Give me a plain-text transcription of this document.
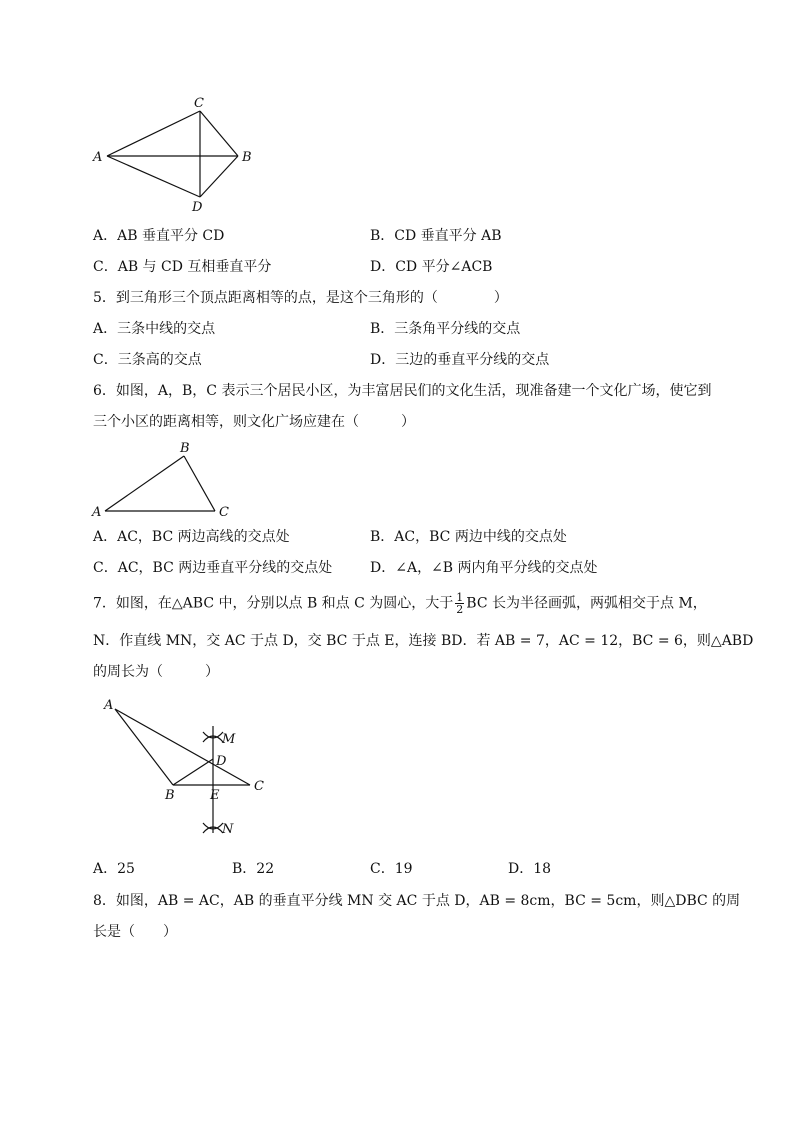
A
C
B
D
A．AB 垂直平分 CD	B．CD 垂直平分 AB
C．AB 与 CD 互相垂直平分	D．CD 平分∠ACB
5．到三角形三个顶点距离相等的点，是这个三角形的（　　　　）
A．三条中线的交点	B．三条角平分线的交点
C．三条高的交点	D．三边的垂直平分线的交点
6．如图，A，B，C 表示三个居民小区，为丰富居民们的文化生活，现准备建一个文化广场，使它到
三个小区的距离相等，则文化广场应建在（　　　）
A
B
C
A．AC，BC 两边高线的交点处	B．AC，BC 两边中线的交点处
C．AC，BC 两边垂直平分线的交点处	D．∠A，∠B 两内角平分线的交点处
7．如图，在△ABC 中，分别以点 B 和点 C 为圆心，大于 $\frac{1}{2}$ BC 长为半径画弧，两弧相交于点 M，
N．作直线 MN，交 AC 于点 D，交 BC 于点 E，连接 BD．若 AB = 7，AC = 12，BC = 6，则△ABD
的周长为（　　　）
A
M
D
C
B	E
N
A．25	B．22	C．19	D．18
8．如图，AB = AC，AB 的垂直平分线 MN 交 AC 于点 D，AB = 8cm，BC = 5cm，则△DBC 的周
长是（　　）
